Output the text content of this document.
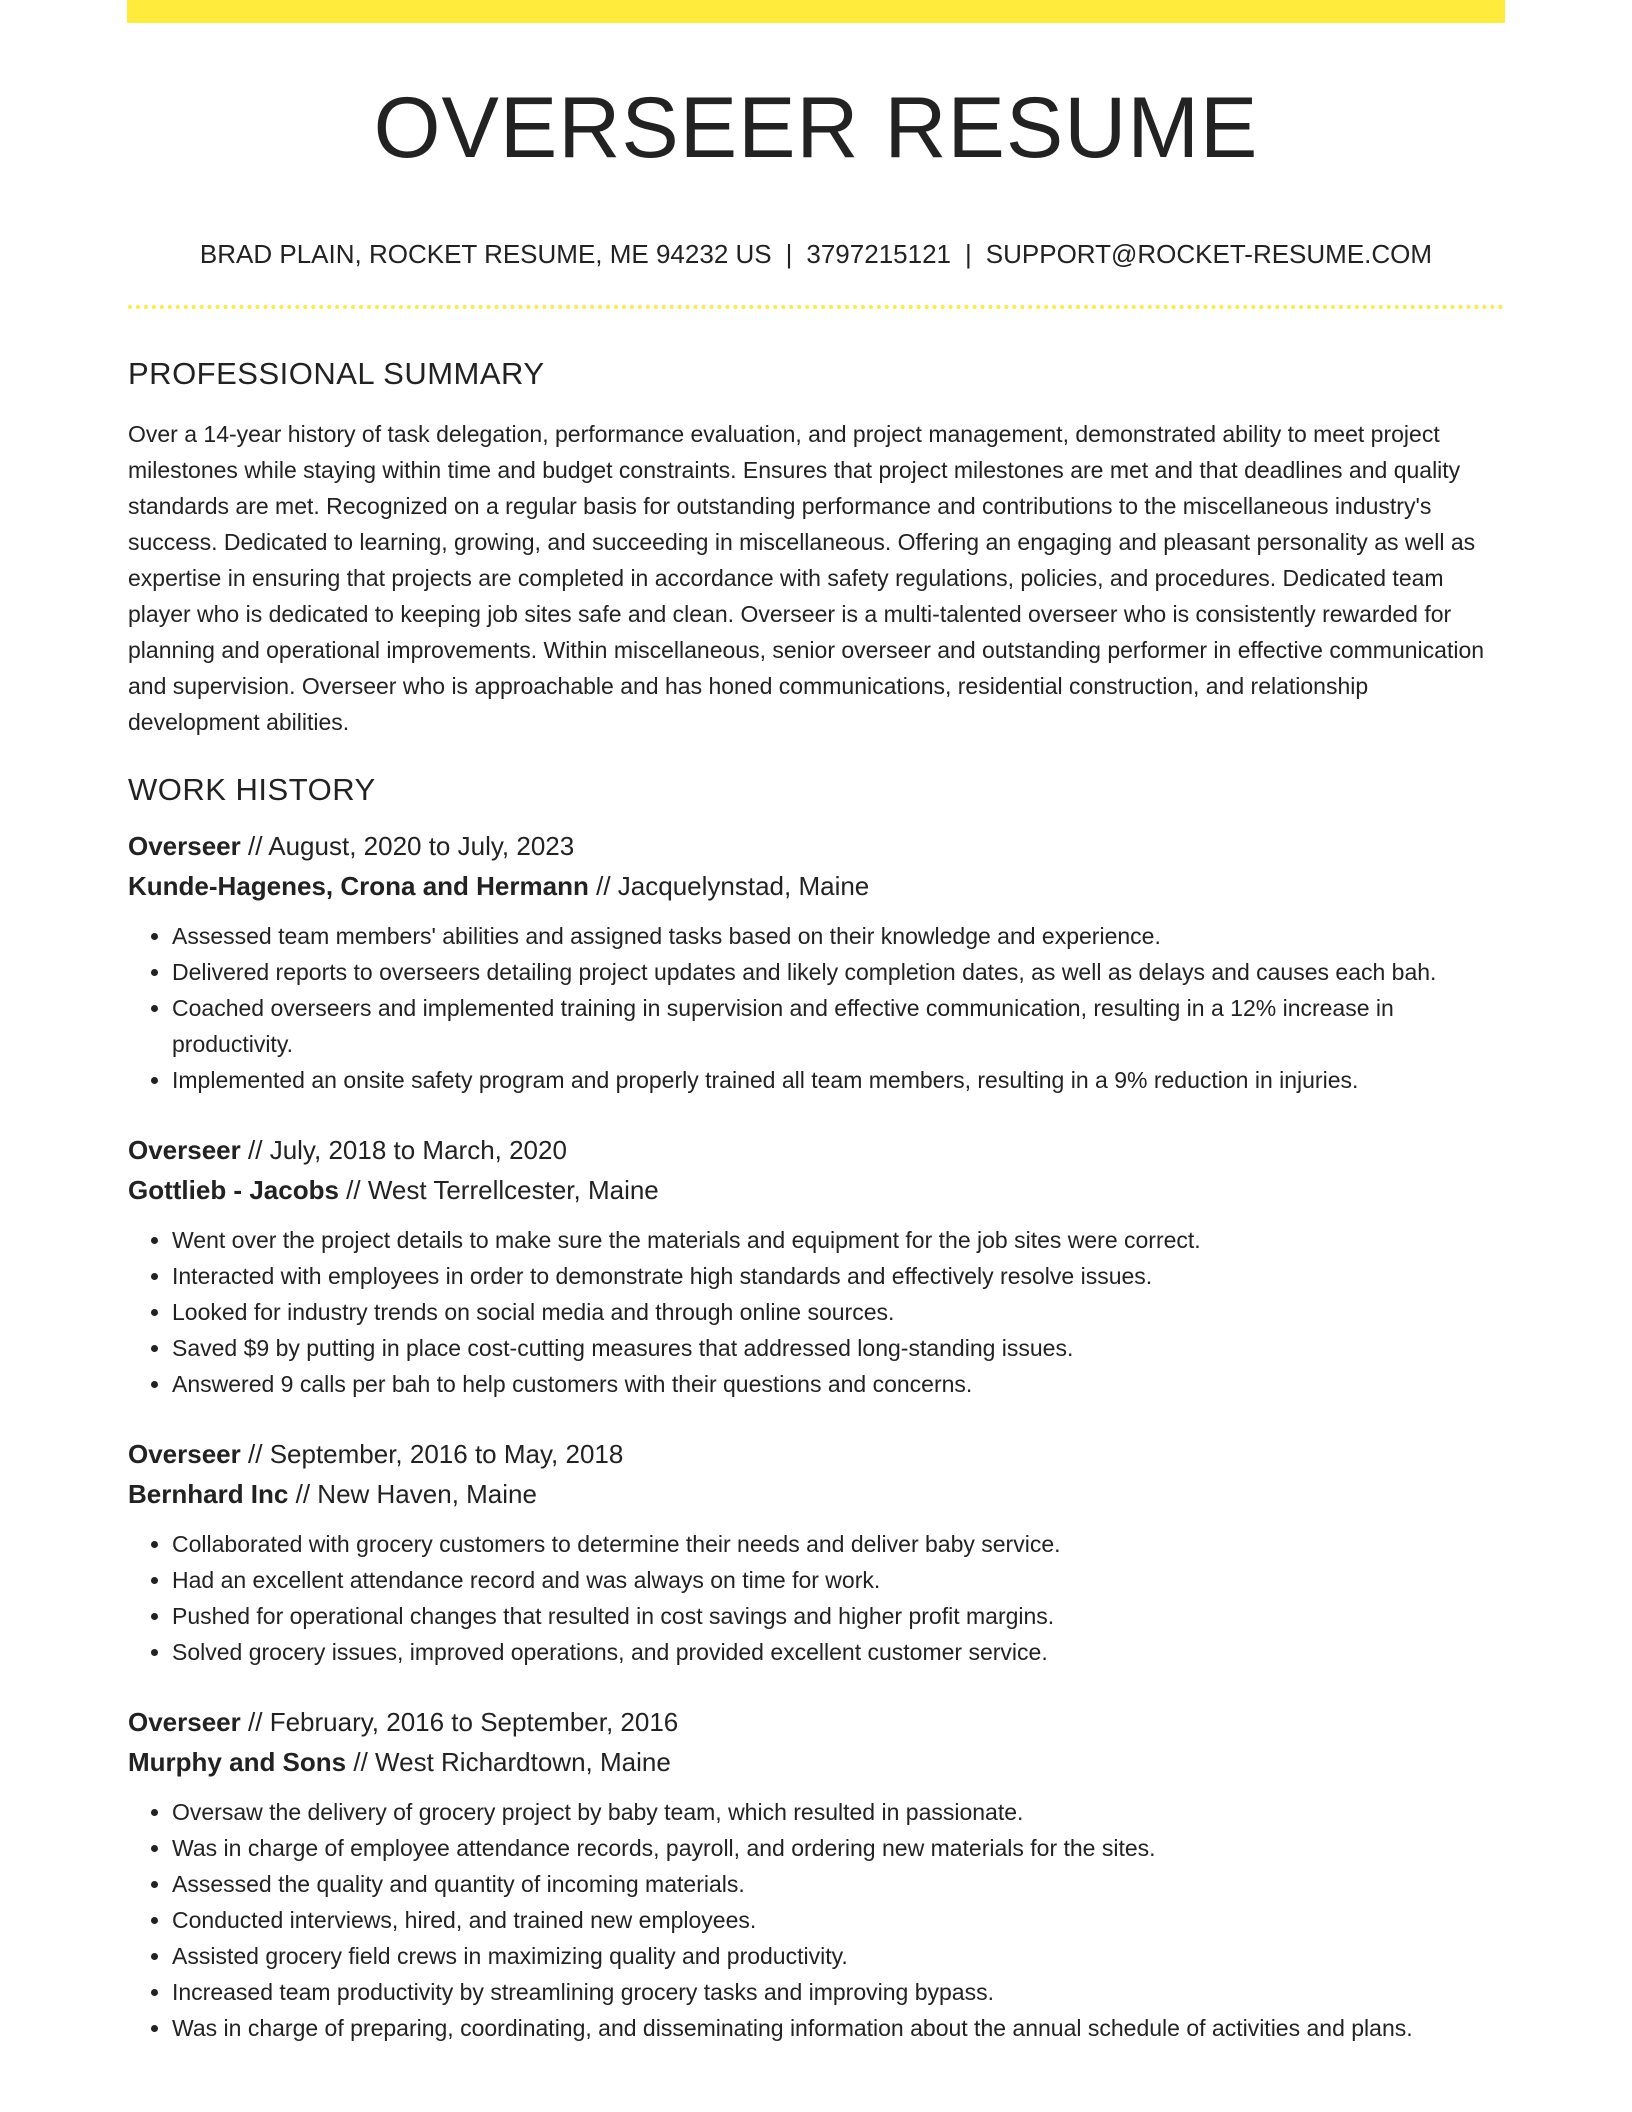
OVERSEER RESUME
BRAD PLAIN, ROCKET RESUME, ME 94232 US | 3797215121 | SUPPORT@ROCKET-RESUME.COM
PROFESSIONAL SUMMARY

Over a 14-year history of task delegation, performance evaluation, and project management, demonstrated ability to meet project milestones while staying within time and budget constraints. Ensures that project milestones are met and that deadlines and quality standards are met. Recognized on a regular basis for outstanding performance and contributions to the miscellaneous industry's success. Dedicated to learning, growing, and succeeding in miscellaneous. Offering an engaging and pleasant personality as well as expertise in ensuring that projects are completed in accordance with safety regulations, policies, and procedures. Dedicated team player who is dedicated to keeping job sites safe and clean. Overseer is a multi-talented overseer who is consistently rewarded for planning and operational improvements. Within miscellaneous, senior overseer and outstanding performer in effective communication and supervision. Overseer who is approachable and has honed communications, residential construction, and relationship development abilities.

WORK HISTORY
Overseer // August, 2020 to July, 2023
Kunde-Hagenes, Crona and Hermann // Jacquelynstad, Maine
• Assessed team members' abilities and assigned tasks based on their knowledge and experience.
• Delivered reports to overseers detailing project updates and likely completion dates, as well as delays and causes each bah.
• Coached overseers and implemented training in supervision and effective communication, resulting in a 12% increase in productivity.
• Implemented an onsite safety program and properly trained all team members, resulting in a 9% reduction in injuries.
Overseer // July, 2018 to March, 2020
Gottlieb - Jacobs // West Terrellcester, Maine
• Went over the project details to make sure the materials and equipment for the job sites were correct.
• Interacted with employees in order to demonstrate high standards and effectively resolve issues.
• Looked for industry trends on social media and through online sources.
• Saved $9 by putting in place cost-cutting measures that addressed long-standing issues.
• Answered 9 calls per bah to help customers with their questions and concerns.
Overseer // September, 2016 to May, 2018
Bernhard Inc // New Haven, Maine
• Collaborated with grocery customers to determine their needs and deliver baby service.
• Had an excellent attendance record and was always on time for work.
• Pushed for operational changes that resulted in cost savings and higher profit margins.
• Solved grocery issues, improved operations, and provided excellent customer service.
Overseer // February, 2016 to September, 2016
Murphy and Sons // West Richardtown, Maine
• Oversaw the delivery of grocery project by baby team, which resulted in passionate.
• Was in charge of employee attendance records, payroll, and ordering new materials for the sites.
• Assessed the quality and quantity of incoming materials.
• Conducted interviews, hired, and trained new employees.
• Assisted grocery field crews in maximizing quality and productivity.
• Increased team productivity by streamlining grocery tasks and improving bypass.
• Was in charge of preparing, coordinating, and disseminating information about the annual schedule of activities and plans.
